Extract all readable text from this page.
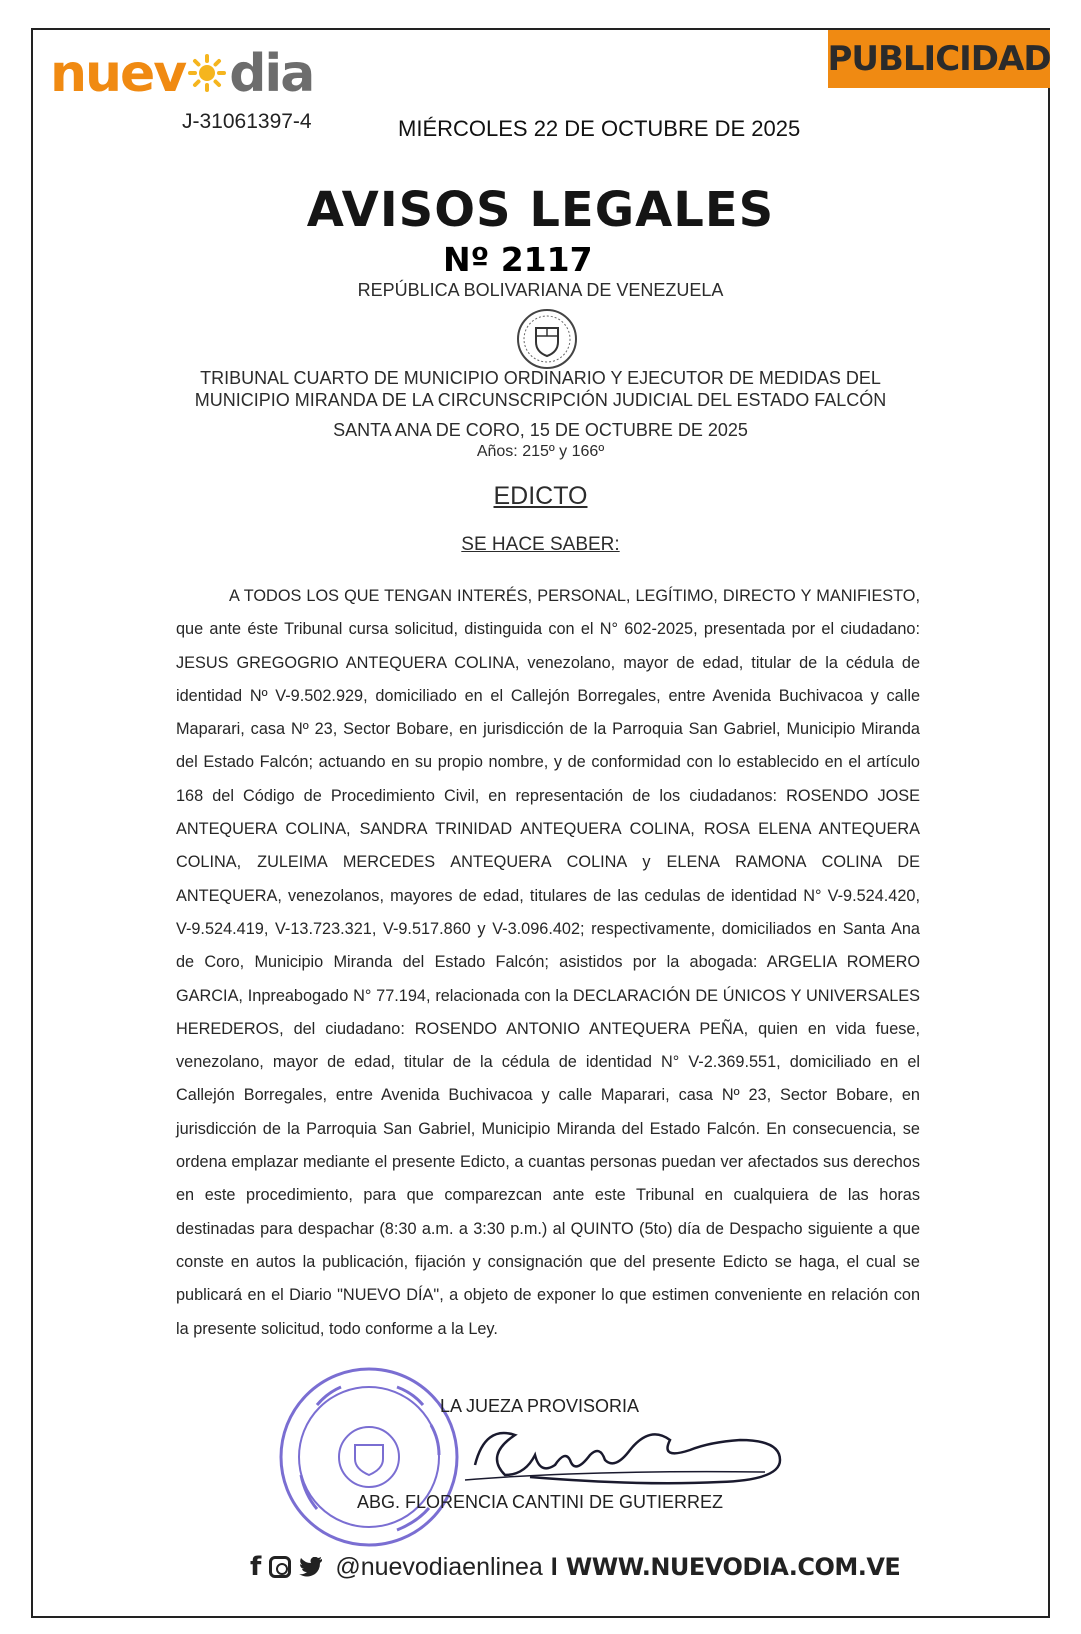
nuev dia
J-31061397-4
PUBLICIDAD
MIÉRCOLES 22 DE OCTUBRE DE 2025
AVISOS LEGALES
Nº 2117
REPÚBLICA BOLIVARIANA DE VENEZUELA
TRIBUNAL CUARTO DE MUNICIPIO ORDINARIO Y EJECUTOR DE MEDIDAS DEL
MUNICIPIO MIRANDA DE LA CIRCUNSCRIPCIÓN JUDICIAL DEL ESTADO FALCÓN
SANTA ANA DE CORO, 15 DE OCTUBRE DE 2025
Años: 215º y 166º
EDICTO
SE HACE SABER:

A TODOS LOS QUE TENGAN INTERÉS, PERSONAL, LEGÍTIMO, DIRECTO Y MANIFIESTO, que ante éste Tribunal cursa solicitud, distinguida con el N° 602-2025, presentada por el ciudadano: JESUS GREGOGRIO ANTEQUERA COLINA, venezolano, mayor de edad, titular de la cédula de identidad Nº V-9.502.929, domiciliado en el Callejón Borregales, entre Avenida Buchivacoa y calle Maparari, casa Nº 23, Sector Bobare, en jurisdicción de la Parroquia San Gabriel, Municipio Miranda del Estado Falcón; actuando en su propio nombre, y de conformidad con lo establecido en el artículo 168 del Código de Procedimiento Civil, en representación de los ciudadanos: ROSENDO JOSE ANTEQUERA COLINA, SANDRA TRINIDAD ANTEQUERA COLINA, ROSA ELENA ANTEQUERA COLINA, ZULEIMA MERCEDES ANTEQUERA COLINA y ELENA RAMONA COLINA DE ANTEQUERA, venezolanos, mayores de edad, titulares de las cedulas de identidad N° V-9.524.420, V-9.524.419, V-13.723.321, V-9.517.860 y V-3.096.402; respectivamente, domiciliados en Santa Ana de Coro, Municipio Miranda del Estado Falcón; asistidos por la abogada: ARGELIA ROMERO GARCIA, Inpreabogado N° 77.194, relacionada con la DECLARACIÓN DE ÚNICOS Y UNIVERSALES HEREDEROS, del ciudadano: ROSENDO ANTONIO ANTEQUERA PEÑA, quien en vida fuese, venezolano, mayor de edad, titular de la cédula de identidad N° V-2.369.551, domiciliado en el Callejón Borregales, entre Avenida Buchivacoa y calle Maparari, casa Nº 23, Sector Bobare, en jurisdicción de la Parroquia San Gabriel, Municipio Miranda del Estado Falcón. En consecuencia, se ordena emplazar mediante el presente Edicto, a cuantas personas puedan ver afectados sus derechos en este procedimiento, para que comparezcan ante este Tribunal en cualquiera de las horas destinadas para despachar (8:30 a.m. a 3:30 p.m.) al QUINTO (5to) día de Despacho siguiente a que conste en autos la publicación, fijación y consignación que del presente Edicto se haga, el cual se publicará en el Diario "NUEVO DÍA", a objeto de exponer lo que estimen conveniente en relación con la presente solicitud, todo conforme a la Ley.

LA JUEZA PROVISORIA
ABG. FLORENCIA CANTINI DE GUTIERREZ
f	@nuevodiaenlinea I WWW.NUEVODIA.COM.VE
